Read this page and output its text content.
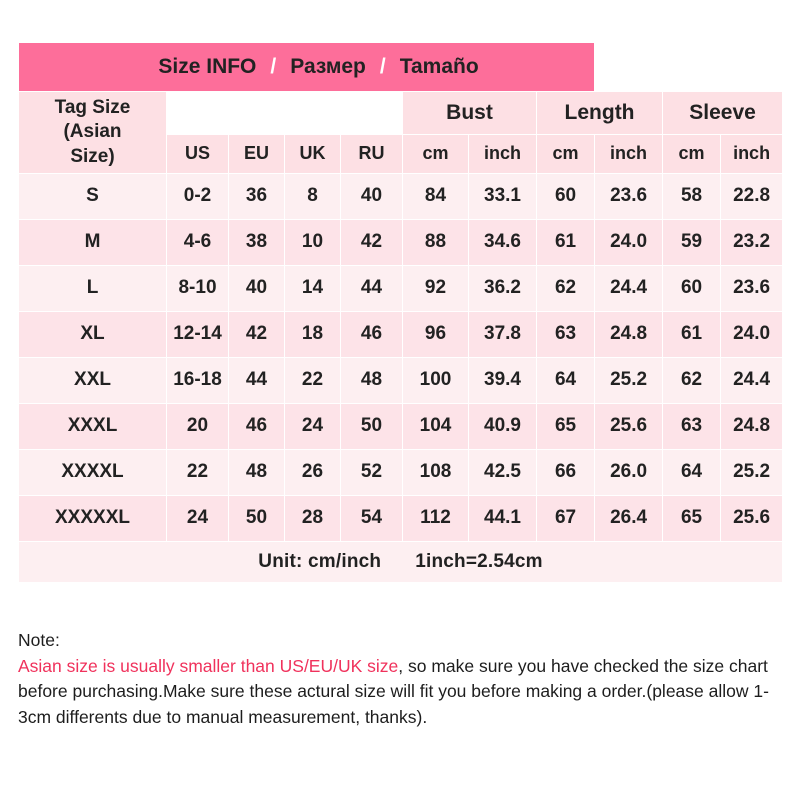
Size INFO / Размер / Tamaño										
Tag Size
(Asian
Size)					Bust		Length		Sleeve	
	US	EU	UK	RU	cm	inch	cm	inch	cm	inch
S	0-2	36	8	40	84	33.1	60	23.6	58	22.8
M	4-6	38	10	42	88	34.6	61	24.0	59	23.2
L	8-10	40	14	44	92	36.2	62	24.4	60	23.6
XL	12-14	42	18	46	96	37.8	63	24.8	61	24.0
XXL	16-18	44	22	48	100	39.4	64	25.2	62	24.4
XXXL	20	46	24	50	104	40.9	65	25.6	63	24.8
XXXXL	22	48	26	52	108	42.5	66	26.0	64	25.2
XXXXXL	24	50	28	54	112	44.1	67	26.4	65	25.6
Unit: cm/inch 1inch=2.54cm										
Note:
Asian size is usually smaller than US/EU/UK size, so make sure you have checked the size chart before purchasing.Make sure these actural size will fit you before making a order.(please allow 1-3cm differents due to manual measurement, thanks).
